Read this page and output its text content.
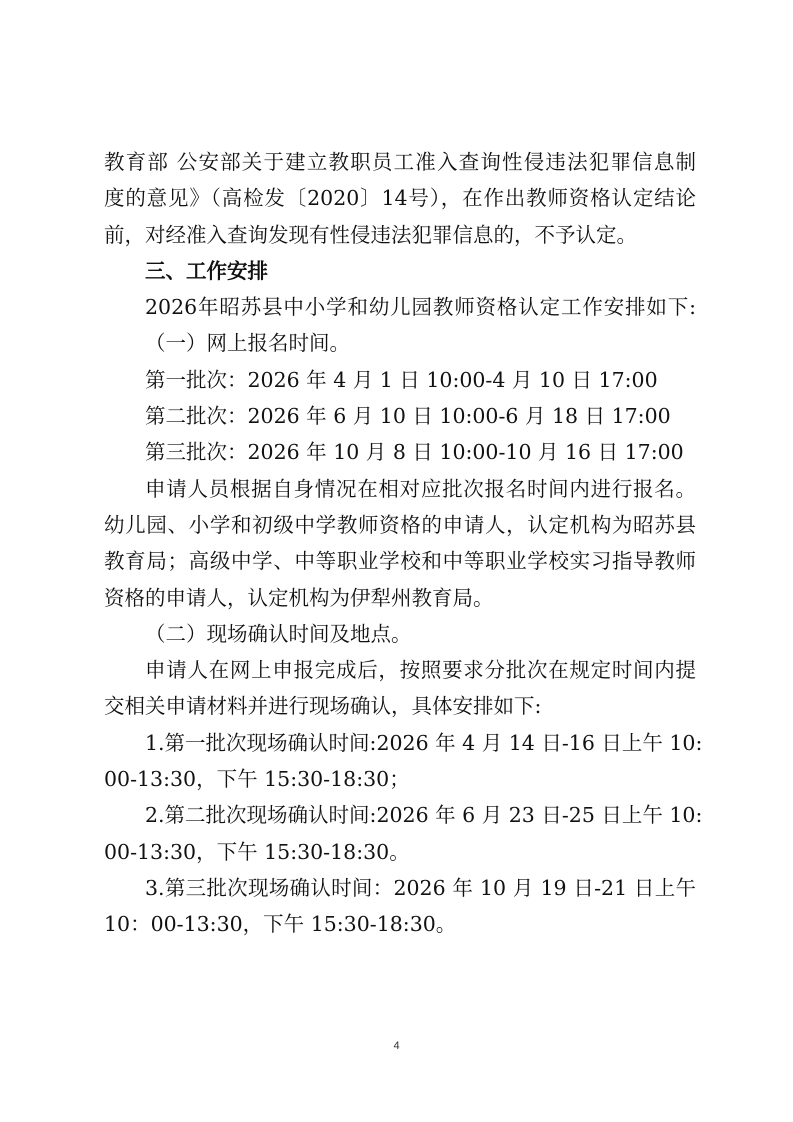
教育部 公安部关于建立教职员工准入查询性侵违法犯罪信息制
度的意见》（高检发〔2020〕14号），在作出教师资格认定结论
前，对经准入查询发现有性侵违法犯罪信息的，不予认定。
三、工作安排
2026年昭苏县中小学和幼儿园教师资格认定工作安排如下:
（一）网上报名时间。
第一批次：2026 年 4 月 1 日 10:00-4 月 10 日 17:00
第二批次：2026 年 6 月 10 日 10:00-6 月 18 日 17:00
第三批次：2026 年 10 月 8 日 10:00-10 月 16 日 17:00
申请人员根据自身情况在相对应批次报名时间内进行报名。
幼儿园、小学和初级中学教师资格的申请人，认定机构为昭苏县
教育局；高级中学、中等职业学校和中等职业学校实习指导教师
资格的申请人，认定机构为伊犁州教育局。
（二）现场确认时间及地点。
申请人在网上申报完成后，按照要求分批次在规定时间内提
交相关申请材料并进行现场确认，具体安排如下:
1.第一批次现场确认时间:2026 年 4 月 14 日-16 日上午 10:
00-13:30，下午 15:30-18:30；
2.第二批次现场确认时间:2026 年 6 月 23 日-25 日上午 10:
00-13:30，下午 15:30-18:30。
3.第三批次现场确认时间：2026 年 10 月 19 日-21 日上午
10：00-13:30，下午 15:30-18:30。
4
